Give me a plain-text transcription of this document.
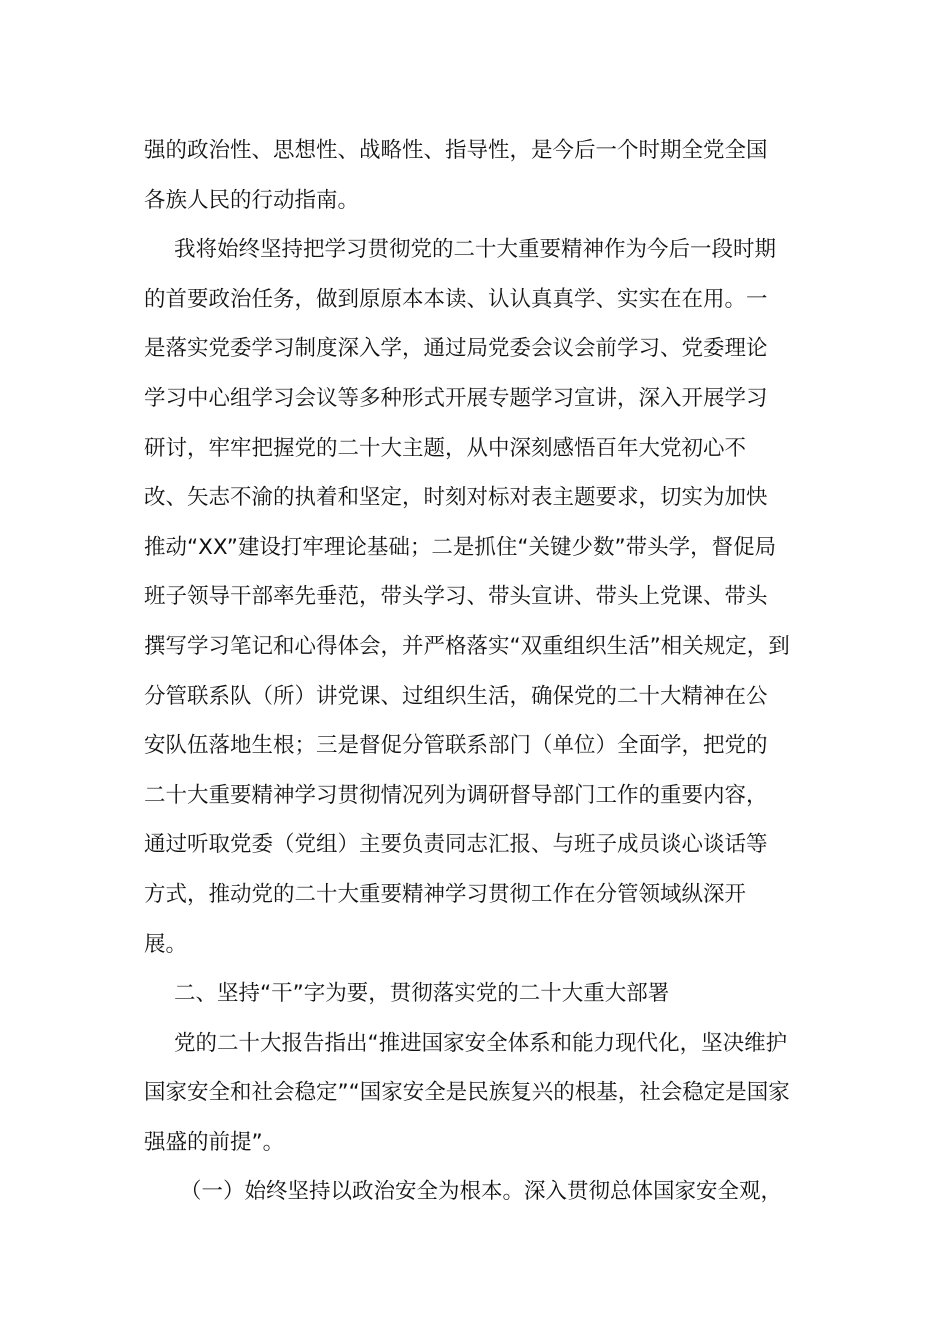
强的政治性、思想性、战略性、指导性，是今后一个时期全党全国
各族人民的行动指南。
我将始终坚持把学习贯彻党的二十大重要精神作为今后一段时期
的首要政治任务，做到原原本本读、认认真真学、实实在在用。一
是落实党委学习制度深入学，通过局党委会议会前学习、党委理论
学习中心组学习会议等多种形式开展专题学习宣讲，深入开展学习
研讨，牢牢把握党的二十大主题，从中深刻感悟百年大党初心不
改、矢志不渝的执着和坚定，时刻对标对表主题要求，切实为加快
推动“XX”建设打牢理论基础；二是抓住“关键少数”带头学，督促局
班子领导干部率先垂范，带头学习、带头宣讲、带头上党课、带头
撰写学习笔记和心得体会，并严格落实“双重组织生活”相关规定，到
分管联系队（所）讲党课、过组织生活，确保党的二十大精神在公
安队伍落地生根；三是督促分管联系部门（单位）全面学，把党的
二十大重要精神学习贯彻情况列为调研督导部门工作的重要内容，
通过听取党委（党组）主要负责同志汇报、与班子成员谈心谈话等
方式，推动党的二十大重要精神学习贯彻工作在分管领域纵深开
展。
二、坚持“干”字为要，贯彻落实党的二十大重大部署
党的二十大报告指出“推进国家安全体系和能力现代化，坚决维护
国家安全和社会稳定”“国家安全是民族复兴的根基，社会稳定是国家
强盛的前提”。
（一）始终坚持以政治安全为根本。深入贯彻总体国家安全观，
